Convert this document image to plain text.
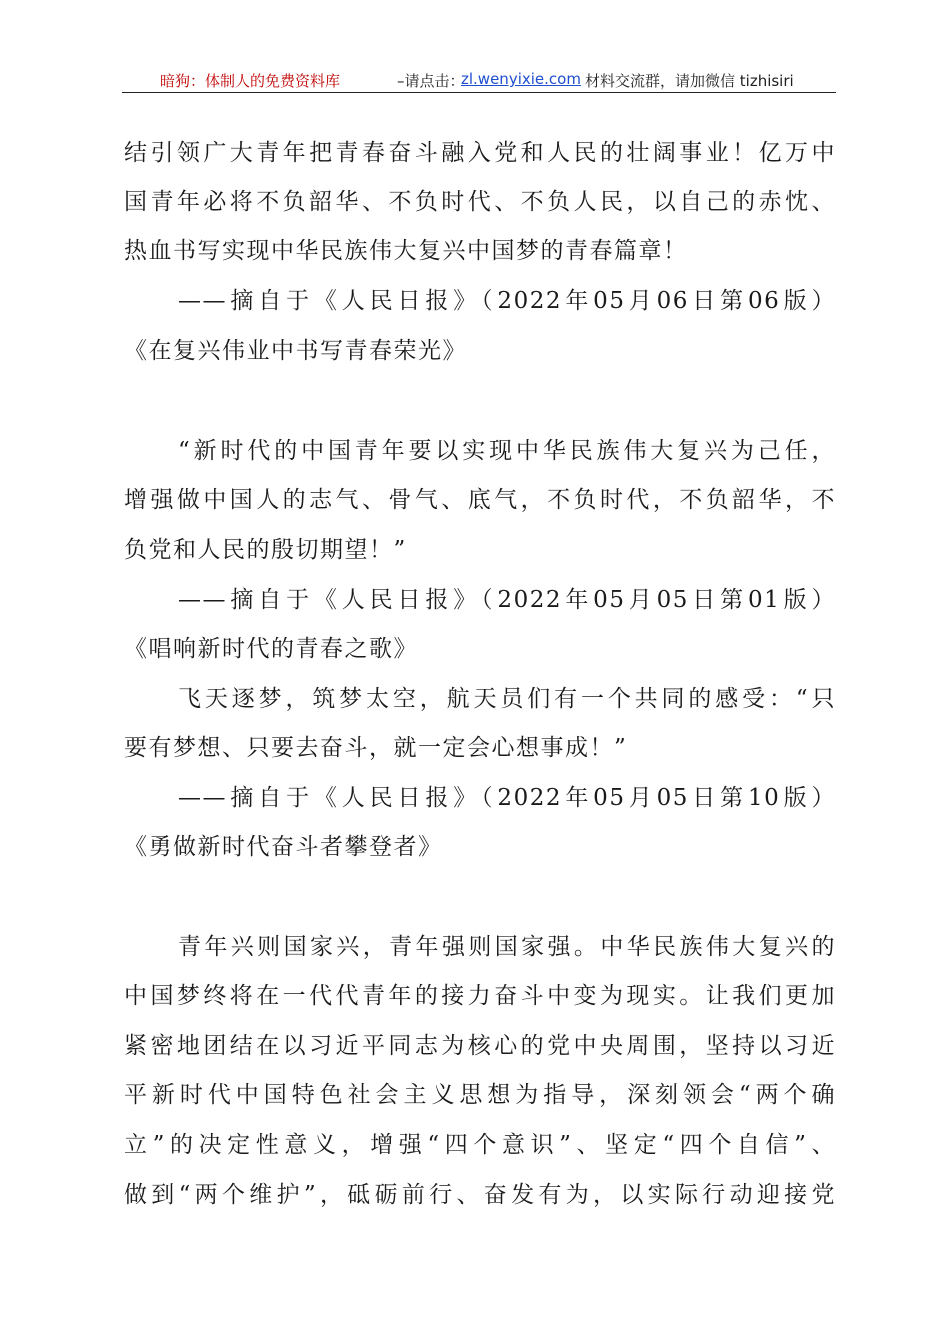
暗狗：体制人的免费资料库	–请点击：
zl.wenyixie.com 材料交流群，请加微信 tizhisiri
结引领广大青年把青春奋斗融入党和人民的壮阔事业！亿万中
国青年必将不负韶华、不负时代、不负人民，以自己的赤忱、
热血书写实现中华民族伟大复兴中国梦的青春篇章！
——摘自于《人民日报》（2022年05月06日第06版）
《在复兴伟业中书写青春荣光》
“新时代的中国青年要以实现中华民族伟大复兴为己任，
增强做中国人的志气、骨气、底气，不负时代，不负韶华，不
负党和人民的殷切期望！”
——摘自于《人民日报》（2022年05月05日第01版）
《唱响新时代的青春之歌》
飞天逐梦，筑梦太空，航天员们有一个共同的感受：“只
要有梦想、只要去奋斗，就一定会心想事成！”
——摘自于《人民日报》（2022年05月05日第10版）
《勇做新时代奋斗者攀登者》
青年兴则国家兴，青年强则国家强。中华民族伟大复兴的
中国梦终将在一代代青年的接力奋斗中变为现实。让我们更加
紧密地团结在以习近平同志为核心的党中央周围，坚持以习近
平新时代中国特色社会主义思想为指导，深刻领会“两个确
立”的决定性意义，增强“四个意识”、坚定“四个自信”、
做到“两个维护”，砥砺前行、奋发有为，以实际行动迎接党
